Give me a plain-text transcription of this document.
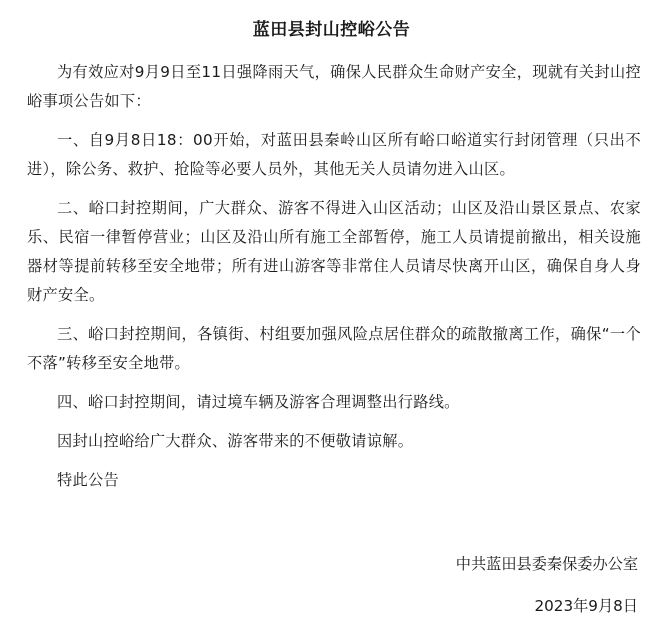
蓝田县封山控峪公告

为有效应对9月9日至11日强降雨天气，确保人民群众生命财产安全，现就有关封山控峪事项公告如下：

一、自9月8日18：00开始，对蓝田县秦岭山区所有峪口峪道实行封闭管理（只出不进），除公务、救护、抢险等必要人员外，其他无关人员请勿进入山区。

二、峪口封控期间，广大群众、游客不得进入山区活动；山区及沿山景区景点、农家乐、民宿一律暂停营业；山区及沿山所有施工全部暂停，施工人员请提前撤出，相关设施器材等提前转移至安全地带；所有进山游客等非常住人员请尽快离开山区，确保自身人身财产安全。

三、峪口封控期间，各镇街、村组要加强风险点居住群众的疏散撤离工作，确保“一个不落”转移至安全地带。

四、峪口封控期间，请过境车辆及游客合理调整出行路线。

因封山控峪给广大群众、游客带来的不便敬请谅解。

特此公告

中共蓝田县委秦保委办公室
2023年9月8日
